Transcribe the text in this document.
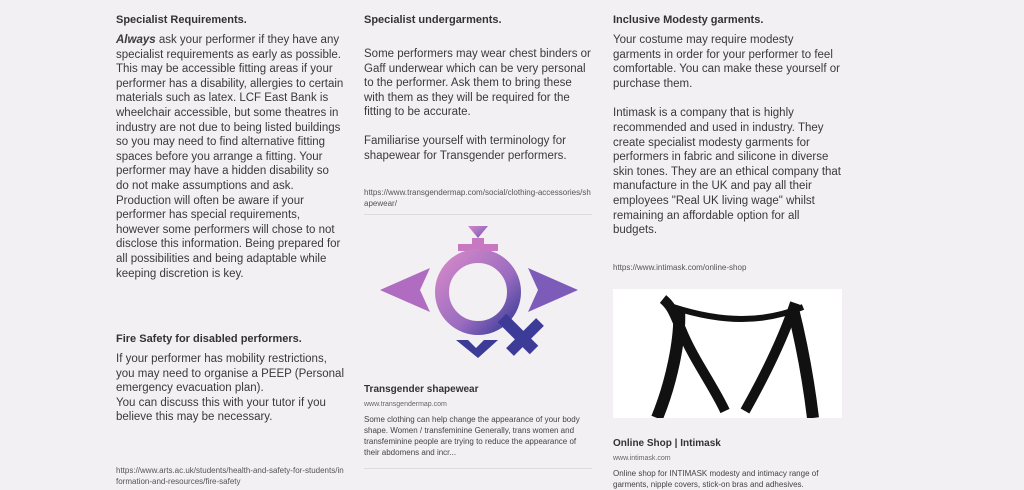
Specialist Requirements.

Always ask your performer if they have any specialist requirements as early as possible. This may be accessible fitting areas if your performer has a disability, allergies to certain materials such as latex. LCF East Bank is wheelchair accessible, but some theatres in industry are not due to being listed buildings so you may need to find alternative fitting spaces before you arrange a fitting. Your performer may have a hidden disability so do not make assumptions and ask.

Production will often be aware if your performer has special requirements, however some performers will chose to not disclose this information. Being prepared for all possibilities and being adaptable while keeping discretion is key.

Fire Safety for disabled performers.

If your performer has mobility restrictions, you may need to organise a PEEP (Personal emergency evacuation plan).

You can discuss this with your tutor if you believe this may be necessary.

https://www.arts.ac.uk/students/health-and-safety-for-students/information-and-resources/fire-safety

Specialist undergarments.

Some performers may wear chest binders or Gaff underwear which can be very personal to the performer. Ask them to bring these with them as they will be required for the fitting to be accurate.

Familiarise yourself with terminology for shapewear for Transgender performers.

https://www.transgendermap.com/social/clothing-accessories/shapewear/
Transgender shapewear
www.transgendermap.com
Some clothing can help change the appearance of your body shape. Women / transfeminine Generally, trans women and transfeminine people are trying to reduce the appearance of their abdomens and incr...

Inclusive Modesty garments.

Your costume may require modesty garments in order for your performer to feel comfortable. You can make these yourself or purchase them.

Intimask is a company that is highly recommended and used in industry. They create specialist modesty garments for performers in fabric and silicone in diverse skin tones. They are an ethical company that manufacture in the UK and pay all their employees "Real UK living wage" whilst remaining an affordable option for all budgets.

https://www.intimask.com/online-shop
Online Shop | Intimask
www.intimask.com
Online shop for INTIMASK modesty and intimacy range of garments, nipple covers, stick-on bras and adhesives.
